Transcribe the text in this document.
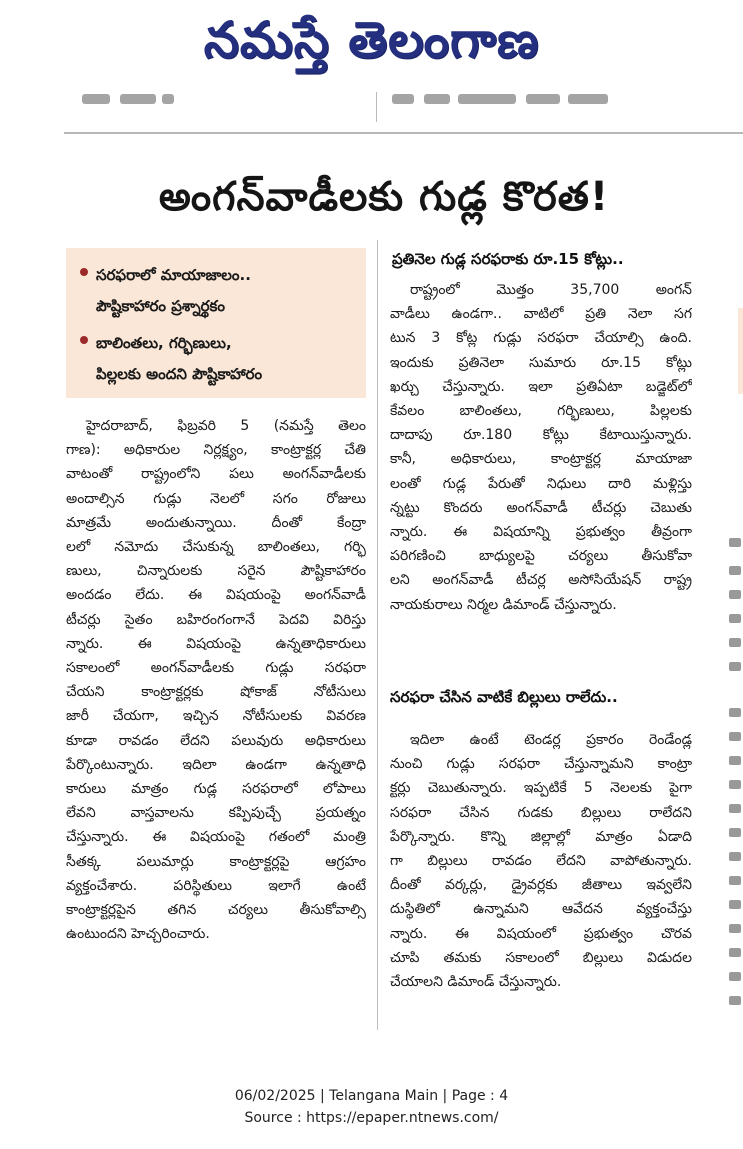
నమస్తే తెలంగాణ
అంగన్‌వాడీలకు గుడ్ల కొరత!
సరఫరాలో మాయాజాలం..
పౌష్టికాహారం ప్రశ్నార్థకం
బాలింతలు, గర్భిణులు,
పిల్లలకు అందని పౌష్టికాహారం
హైదరాబాద్‌, ఫిబ్రవరి 5 (నమస్తే తెలం
గాణ): అధికారుల నిర్లక్ష్యం, కాంట్రాక్టర్ల చేతి
వాటంతో రాష్ట్రంలోని పలు అంగన్‌వాడీలకు
అందాల్సిన గుడ్లు నెలలో సగం రోజులు
మాత్రమే అందుతున్నాయి. దీంతో కేంద్రా
లలో నమోదు చేసుకున్న బాలింతలు, గర్భి
ణులు, చిన్నారులకు సరైన పౌష్టికాహారం
అందడం లేదు. ఈ విషయంపై అంగన్‌వాడీ
టీచర్లు సైతం బహిరంగంగానే పెదవి విరిస్తు
న్నారు. ఈ విషయంపై ఉన్నతాధికారులు
సకాలంలో అంగన్‌వాడీలకు గుడ్లు సరఫరా
చేయని కాంట్రాక్టర్లకు షోకాజ్‌ నోటీసులు
జారీ చేయగా, ఇచ్చిన నోటీసులకు వివరణ
కూడా రావడం లేదని పలువురు అధికారులు
పేర్కొంటున్నారు. ఇదిలా ఉండగా ఉన్నతాధి
కారులు మాత్రం గుడ్ల సరఫరాలో లోపాలు
లేవని వాస్తవాలను కప్పిపుచ్చే ప్రయత్నం
చేస్తున్నారు. ఈ విషయంపై గతంలో మంత్రి
సీతక్క పలుమార్లు కాంట్రాక్టర్లపై ఆగ్రహం
వ్యక్తంచేశారు. పరిస్థితులు ఇలాగే ఉంటే
కాంట్రాక్టర్లపైన తగిన చర్యలు తీసుకోవాల్సి
ఉంటుందని హెచ్చరించారు.
ప్రతినెల గుడ్ల సరఫరాకు రూ.15 కోట్లు..
రాష్ట్రంలో మొత్తం 35,700 అంగన్‌
వాడీలు ఉండగా.. వాటిలో ప్రతి నెలా సగ
టున 3 కోట్ల గుడ్లు సరఫరా చేయాల్సి ఉంది.
ఇందుకు ప్రతినెలా సుమారు రూ.15 కోట్లు
ఖర్చు చేస్తున్నారు. ఇలా ప్రతిఏటా బడ్జెట్‌లో
కేవలం బాలింతలు, గర్భిణులు, పిల్లలకు
దాదాపు రూ.180 కోట్లు కేటాయిస్తున్నారు.
కానీ, అధికారులు, కాంట్రాక్టర్ల మాయాజా
లంతో గుడ్ల పేరుతో నిధులు దారి మళ్లిస్తు
న్నట్టు కొందరు అంగన్‌వాడీ టీచర్లు చెబుతు
న్నారు. ఈ విషయాన్ని ప్రభుత్వం తీవ్రంగా
పరిగణించి బాధ్యులపై చర్యలు తీసుకోవా
లని అంగన్‌వాడీ టీచర్ల అసోసియేషన్‌ రాష్ట్ర
నాయకురాలు నిర్మల డిమాండ్‌ చేస్తున్నారు.
సరఫరా చేసిన వాటికే బిల్లులు రాలేదు..
ఇదిలా ఉంటే టెండర్ల ప్రకారం రెండేండ్ల
నుంచి గుడ్లు సరఫరా చేస్తున్నామని కాంట్రా
క్టర్లు చెబుతున్నారు. ఇప్పటికే 5 నెలలకు పైగా
సరఫరా చేసిన గుడకు బిల్లులు రాలేదని
పేర్కొన్నారు. కొన్ని జిల్లాల్లో మాత్రం ఏడాది
గా బిల్లులు రావడం లేదని వాపోతున్నారు.
దీంతో వర్కర్లు, డ్రైవర్లకు జీతాలు ఇవ్వలేని
దుస్థితిలో ఉన్నామని ఆవేదన వ్యక్తంచేస్తు
న్నారు. ఈ విషయంలో ప్రభుత్వం చొరవ
చూపి తమకు సకాలంలో బిల్లులు విడుదల
చేయాలని డిమాండ్‌ చేస్తున్నారు.
06/02/2025 | Telangana Main | Page : 4
Source : https://epaper.ntnews.com/
